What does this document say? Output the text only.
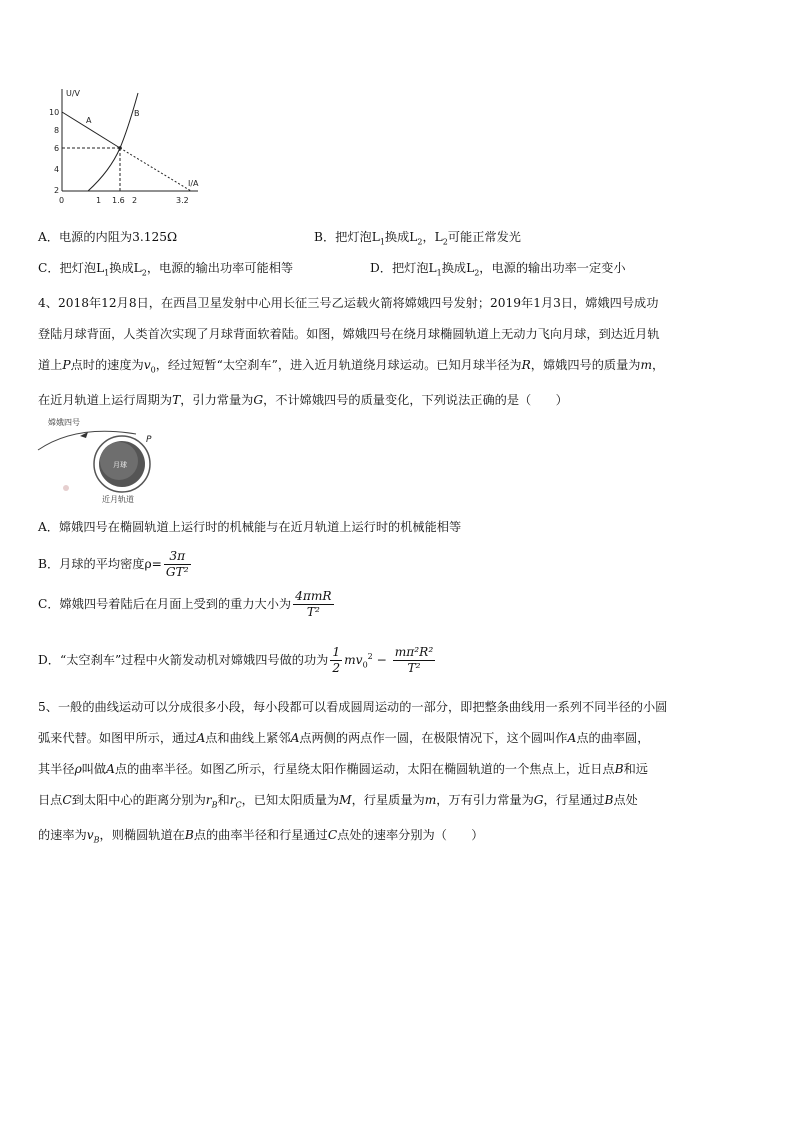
U/V
A
B
10
8
6
4
2
0	1 1.6 2	3.2
I/A
A．电源的内阻为3.125Ω	B．把灯泡$L_1$换成$L_2$，$L_2$可能正常发光
C．把灯泡$L_1$换成$L_2$，电源的输出功率可能相等	D．把灯泡$L_1$换成$L_2$，电源的输出功率一定变小
4、2018年12月8日，在西昌卫星发射中心用长征三号乙运载火箭将嫦娥四号发射；2019年1月3日，嫦娥四号成功
登陆月球背面，人类首次实现了月球背面软着陆。如图，嫦娥四号在绕月球椭圆轨道上无动力飞向月球，到达近月轨
道上P点时的速度为$v_0$，经过短暂“太空刹车”，进入近月轨道绕月球运动。已知月球半径为R，嫦娥四号的质量为m，
在近月轨道上运行周期为T，引力常量为G，不计嫦娥四号的质量变化，下列说法正确的是（　　）
嫦娥四号
月球
P
近月轨道
A．嫦娥四号在椭圆轨道上运行时的机械能与在近月轨道上运行时的机械能相等
B．月球的平均密度$\rho= \frac{3\pi}{\text{GT²}}$
C．嫦娥四号着陆后在月面上受到的重力大小为 $\frac{\text{4πmR}}{\text{T²}}$
D．“太空刹车”过程中火箭发动机对嫦娥四号做的功为 $\frac{1}{2} mv_0^2 - \frac{\text{mπ²R²}}{\text{T²}}$
5、一般的曲线运动可以分成很多小段，每小段都可以看成圆周运动的一部分，即把整条曲线用一系列不同半径的小圆
弧来代替。如图甲所示，通过A点和曲线上紧邻A点两侧的两点作一圆，在极限情况下，这个圆叫作A点的曲率圆，
其半径ρ叫做A点的曲率半径。如图乙所示，行星绕太阳作椭圆运动，太阳在椭圆轨道的一个焦点上，近日点B和远
日点C到太阳中心的距离分别为$r_B$和$r_C$，已知太阳质量为M，行星质量为m，万有引力常量为G，行星通过B点处
的速率为$v_B$，则椭圆轨道在B点的曲率半径和行星通过C点处的速率分别为（　　）
